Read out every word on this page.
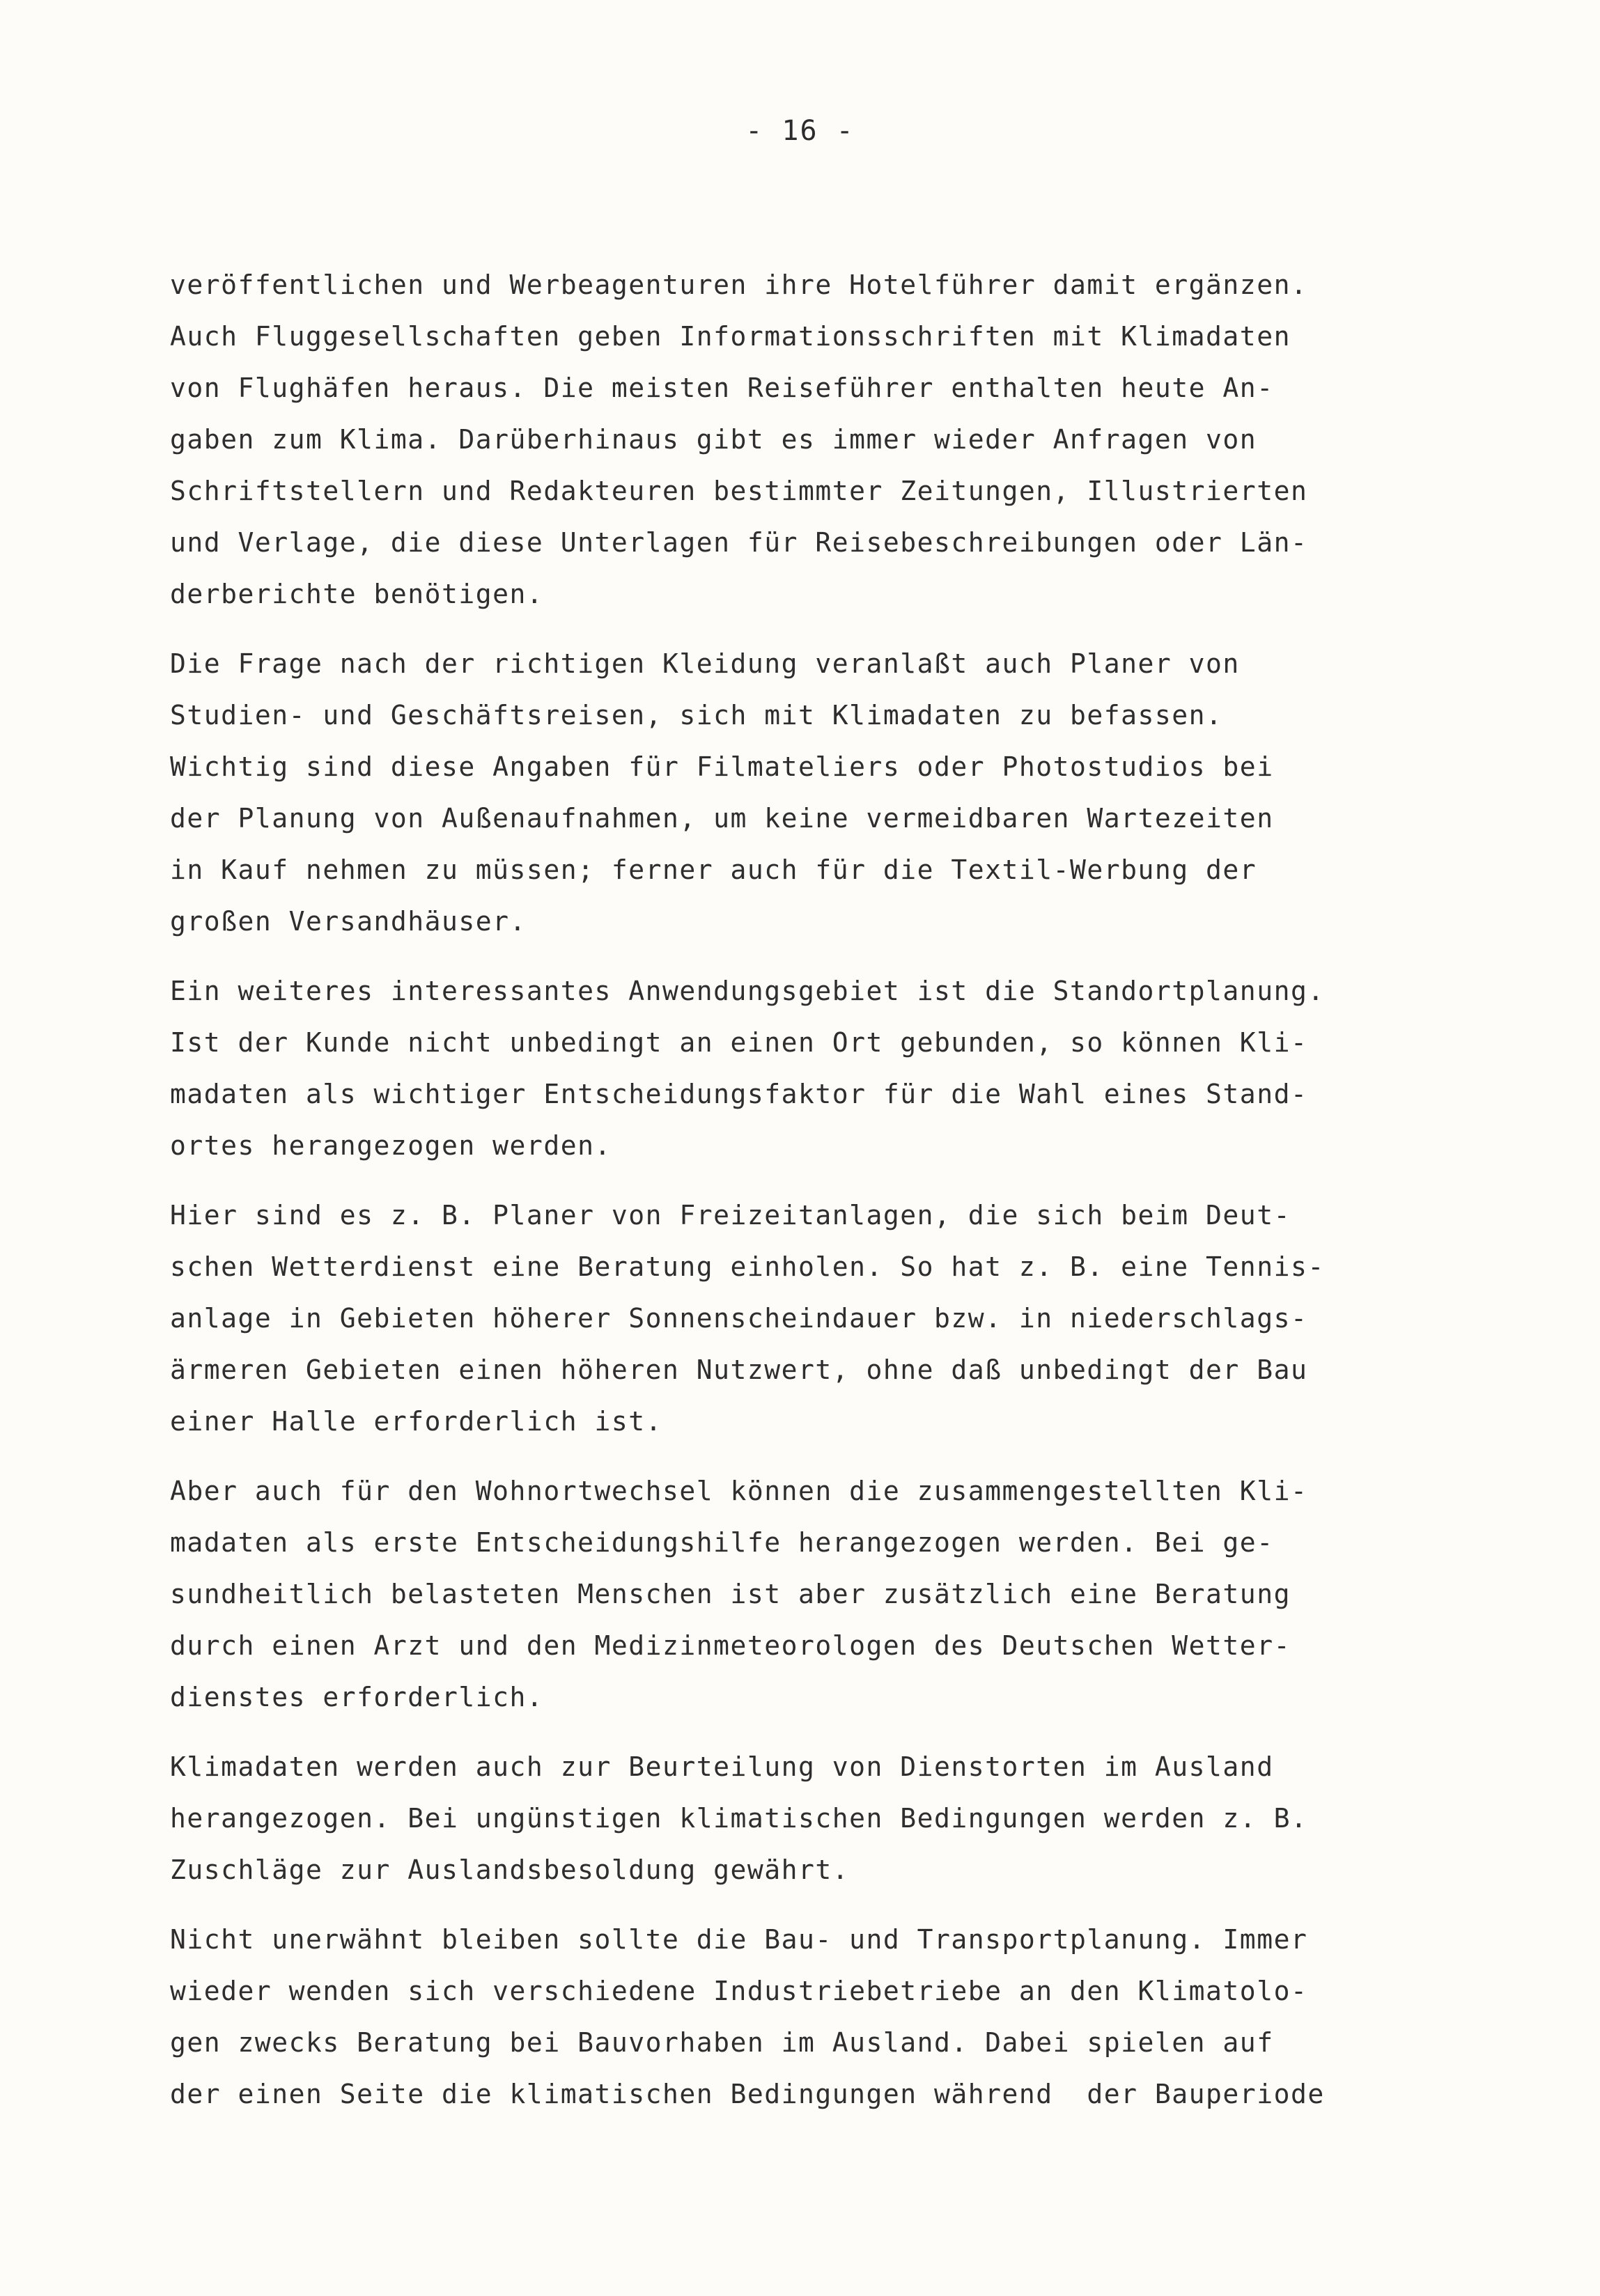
- 16 -
veröffentlichen und Werbeagenturen ihre Hotelführer damit ergänzen.
Auch Fluggesellschaften geben Informationsschriften mit Klimadaten
von Flughäfen heraus. Die meisten Reiseführer enthalten heute An-
gaben zum Klima. Darüberhinaus gibt es immer wieder Anfragen von
Schriftstellern und Redakteuren bestimmter Zeitungen, Illustrierten
und Verlage, die diese Unterlagen für Reisebeschreibungen oder Län-
derberichte benötigen.
Die Frage nach der richtigen Kleidung veranlaßt auch Planer von
Studien- und Geschäftsreisen, sich mit Klimadaten zu befassen.
Wichtig sind diese Angaben für Filmateliers oder Photostudios bei
der Planung von Außenaufnahmen, um keine vermeidbaren Wartezeiten
in Kauf nehmen zu müssen; ferner auch für die Textil-Werbung der
großen Versandhäuser.
Ein weiteres interessantes Anwendungsgebiet ist die Standortplanung.
Ist der Kunde nicht unbedingt an einen Ort gebunden, so können Kli-
madaten als wichtiger Entscheidungsfaktor für die Wahl eines Stand-
ortes herangezogen werden.
Hier sind es z. B. Planer von Freizeitanlagen, die sich beim Deut-
schen Wetterdienst eine Beratung einholen. So hat z. B. eine Tennis-
anlage in Gebieten höherer Sonnenscheindauer bzw. in niederschlags-
ärmeren Gebieten einen höheren Nutzwert, ohne daß unbedingt der Bau
einer Halle erforderlich ist.
Aber auch für den Wohnortwechsel können die zusammengestellten Kli-
madaten als erste Entscheidungshilfe herangezogen werden. Bei ge-
sundheitlich belasteten Menschen ist aber zusätzlich eine Beratung
durch einen Arzt und den Medizinmeteorologen des Deutschen Wetter-
dienstes erforderlich.
Klimadaten werden auch zur Beurteilung von Dienstorten im Ausland
herangezogen. Bei ungünstigen klimatischen Bedingungen werden z. B.
Zuschläge zur Auslandsbesoldung gewährt.
Nicht unerwähnt bleiben sollte die Bau- und Transportplanung. Immer
wieder wenden sich verschiedene Industriebetriebe an den Klimatolo-
gen zwecks Beratung bei Bauvorhaben im Ausland. Dabei spielen auf
der einen Seite die klimatischen Bedingungen während  der Bauperiode
